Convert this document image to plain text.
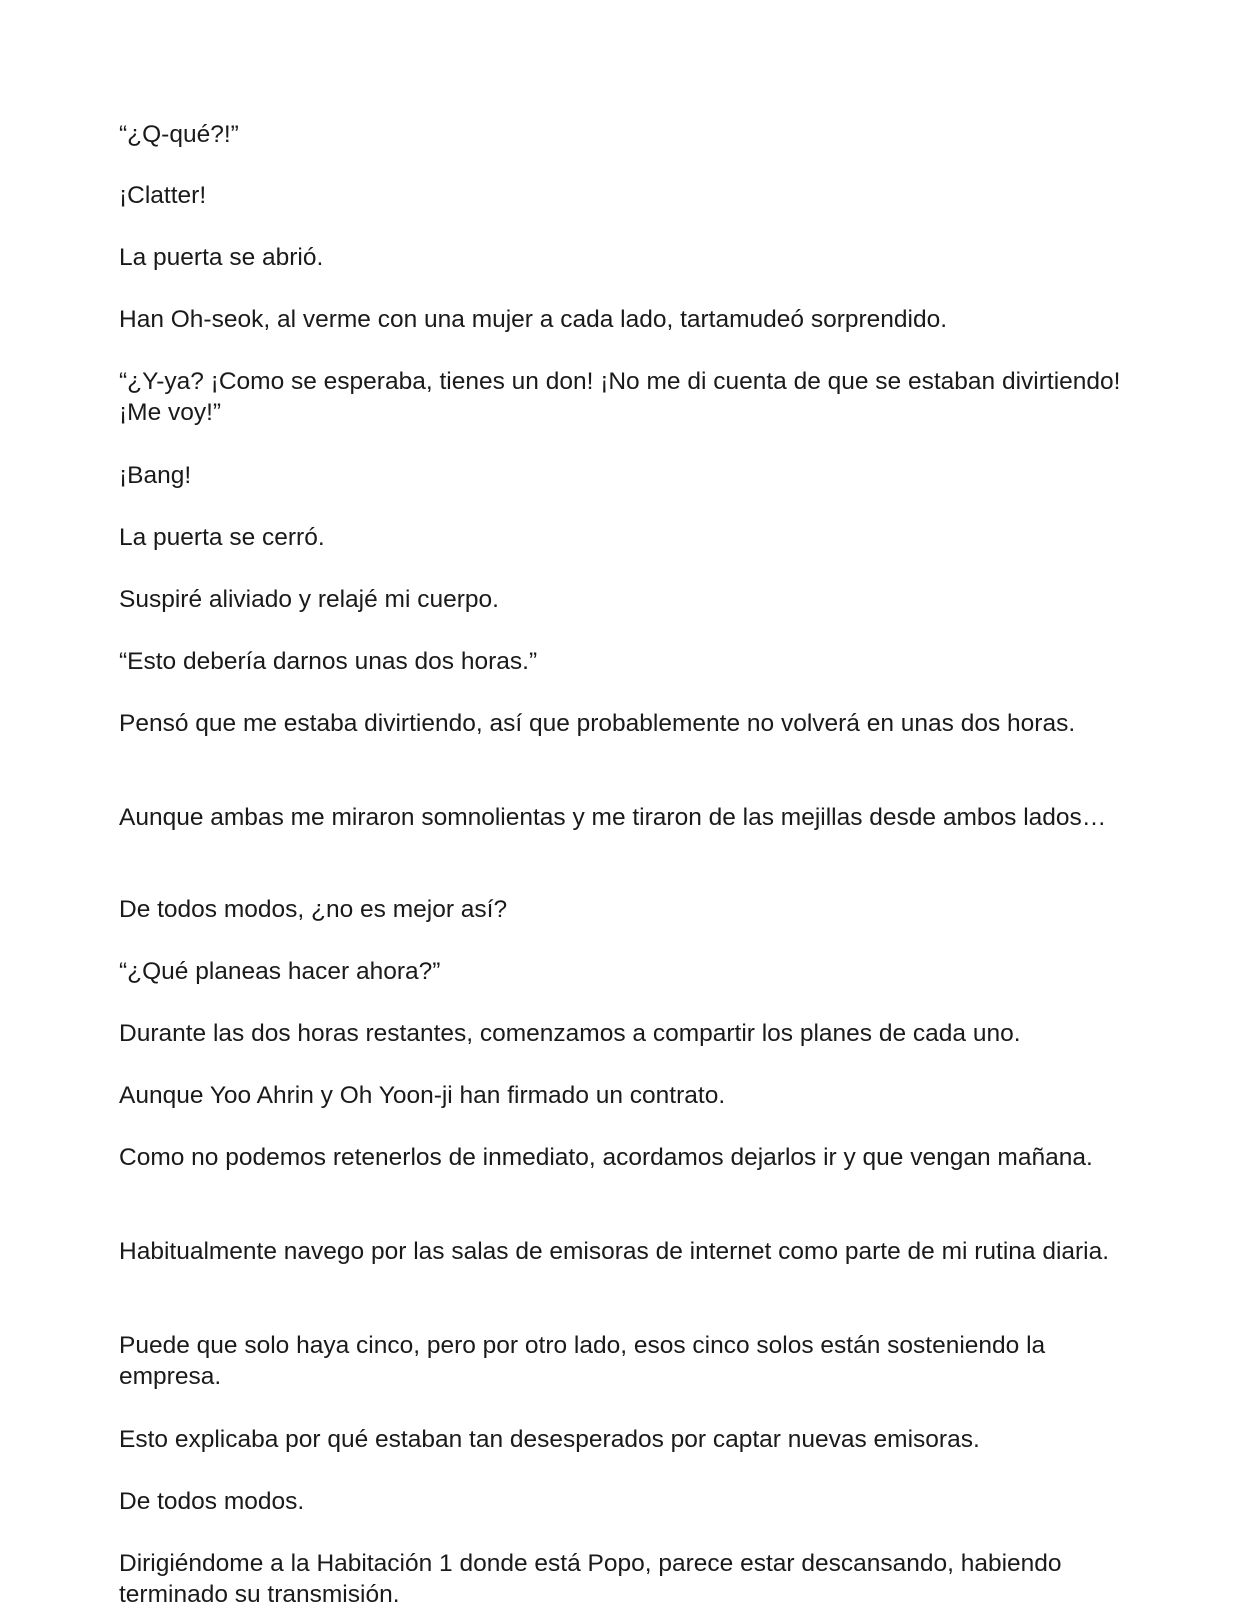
“¿Q-qué?!”

¡Clatter!

La puerta se abrió.

Han Oh-seok, al verme con una mujer a cada lado, tartamudeó sorprendido.

“¿Y-ya? ¡Como se esperaba, tienes un don! ¡No me di cuenta de que se estaban divirtiendo! ¡Me voy!”

¡Bang!

La puerta se cerró.

Suspiré aliviado y relajé mi cuerpo.

“Esto debería darnos unas dos horas.”

Pensó que me estaba divirtiendo, así que probablemente no volverá en unas dos horas.

Aunque ambas me miraron somnolientas y me tiraron de las mejillas desde ambos lados…

De todos modos, ¿no es mejor así?

“¿Qué planeas hacer ahora?”

Durante las dos horas restantes, comenzamos a compartir los planes de cada uno.

Aunque Yoo Ahrin y Oh Yoon-ji han firmado un contrato.

Como no podemos retenerlos de inmediato, acordamos dejarlos ir y que vengan mañana.

Habitualmente navego por las salas de emisoras de internet como parte de mi rutina diaria.

Puede que solo haya cinco, pero por otro lado, esos cinco solos están sosteniendo la empresa.

Esto explicaba por qué estaban tan desesperados por captar nuevas emisoras.

De todos modos.

Dirigiéndome a la Habitación 1 donde está Popo, parece estar descansando, habiendo terminado su transmisión.
